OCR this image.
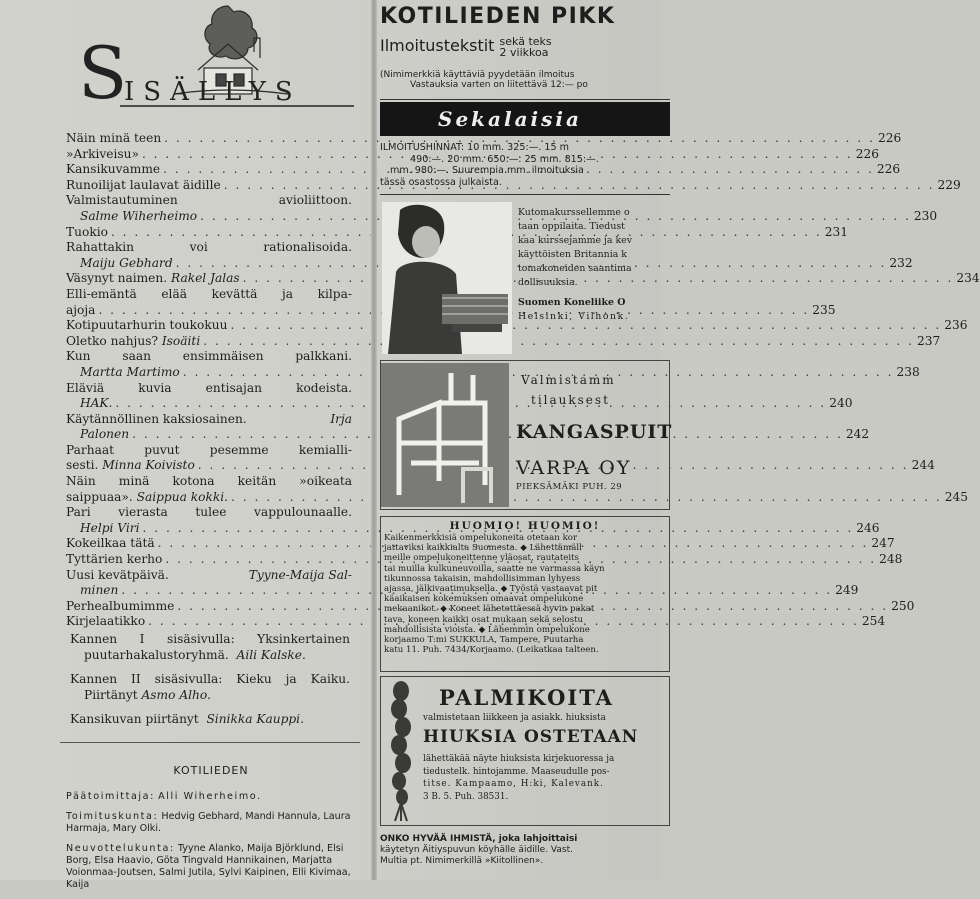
S
ISÄLLYS
Näin minä teen . . .	226
»Arkiveisu» . . .	226
Kansikuvamme . . .	226
Runoilijat laulavat äidille . . .	229
Valmistautuminen avioliittoon.
Salme Wiherheimo . . .	230
Tuokio . . .	231
Rahattakin voi rationalisoida.
Maiju Gebhard . . .	232
Väsynyt naimen.
Rakel Jalas . . .	234
Elli-emäntä elää kevättä ja kilpa-
ajoja . . .	235
Kotipuutarhurin toukokuu . . .	236
Oletko nahjus?
Isoäiti . . .	237
Kun saan ensimmäisen palkkani.
Martta Martimo . . .	238
Eläviä kuvia entisajan kodeista.
HAK. . . .	240
Käytännöllinen kaksiosainen.	Irja
Palonen . . .	242
Parhaat puvut pesemme kemialli-
sesti.
Minna Koivisto . . .	244
Näin minä kotona keitän »oikeata
saippuaa».
Saippua kokki. . . .	245
Pari vierasta tulee vappulounaalle.
Helpi Viri . . .	246
Kokeilkaa tätä . . .	247
Tyttärien kerho . . .	248
Uusi kevätpäivä.	Tyyne-Maija Sal-
minen . . .	249
Perhealbumimme . . .	250
Kirjelaatikko . . .	254
Kannen I sisäsivulla: Yksinkertainen
puutarhakalustoryhmä. Aili Kalske.
Kannen II sisäsivulla: Kieku ja Kaiku.
Piirtänyt Asmo Alho.
Kansikuvan piirtänyt Sinikka Kauppi.
KOTILIEDEN
Päätoimittaja: Alli Wiherheimo.
Toimituskunta: Hedvig Gebhard, Mandi Hannula, Laura Harmaja, Mary Olki.
Neuvottelukunta: Tyyne Alanko, Maija Björklund, Elsi Borg, Elsa Haavio, Göta Tingvald Hannikainen, Marjatta Voionmaa-Joutsen, Salmi Jutila, Sylvi Kaipinen, Elli Kivimaa, Kaija
KOTILIEDEN PIKK
Ilmoitustekstit sekä teks
2 viikkoa
(Nimimerkkiä käyttäviä pyydetään ilmoitus
Vastauksia varten on liitettävä 12:— po
Sekalaisia
ILMOITUSHINNAT: 10 mm. 325:—. 15 m
490:—. 20 mm. 650:—. 25 mm. 815:—.
mm. 980:—. Suurempia mm. ilmoituksia
tässä osastossa julkaista.
Kutomakurssellemme o
taan oppilaita. Tiedust
kaa kurssejamme ja kev
käyttöisten Britannia k
tomakoneiden saantima
dollisuuksia.
Suomen Koneliike O
Helsinki, Vilhonk.
Valmistamm
tilauksest
KANGASPUIT
VARPA OY
PIEKSÄMÄKI PUH. 29
HUOMIO! HUOMIO!
Kaikenmerkkisiä ompelukoneita otetaan kor
jattaviksi kaikkialta Suomesta. ◆ Lähettämäll
meille ompelukoneittenne yläosat, rautateits
tai muilla kulkuneuvoilla, saatte ne varmassa käyn
tikunnossa takaisin, mahdollisimman lyhyess
ajassa, jälkivaatimuksella. ◆ Työstä vastaavat pit
käaikaisen kokemuksen omaavat ompelukone
mekaanikot. ◆ Koneet lähetettäessä hyvin pakat
tava, koneen kaikki osat mukaan sekä selostu
mahdollisista vioista. ◆ Lähemmin ompelukone
korjaamo T:mi SUKKULA, Tampere, Puutarha
katu 11. Puh. 7434/Korjaamo. (Leikatkaa talteen.
PALMIKOITA
valmistetaan liikkeen ja asiakk. hiuksista
HIUKSIA OSTETAAN
lähettäkää näyte hiuksista kirjekuoressa ja
tiedustelk. hintojamme. Maaseudulle pos-
titse. Kampaamo, H:ki, Kalevank.
3 B. 5. Puh. 38531.
ONKO HYVÄÄ IHMISTÄ, joka lahjoittaisi
käytetyn Äitiyspuvun köyhälle äidille. Vast.
Multia pt. Nimimerkillä »Kiitollinen».
